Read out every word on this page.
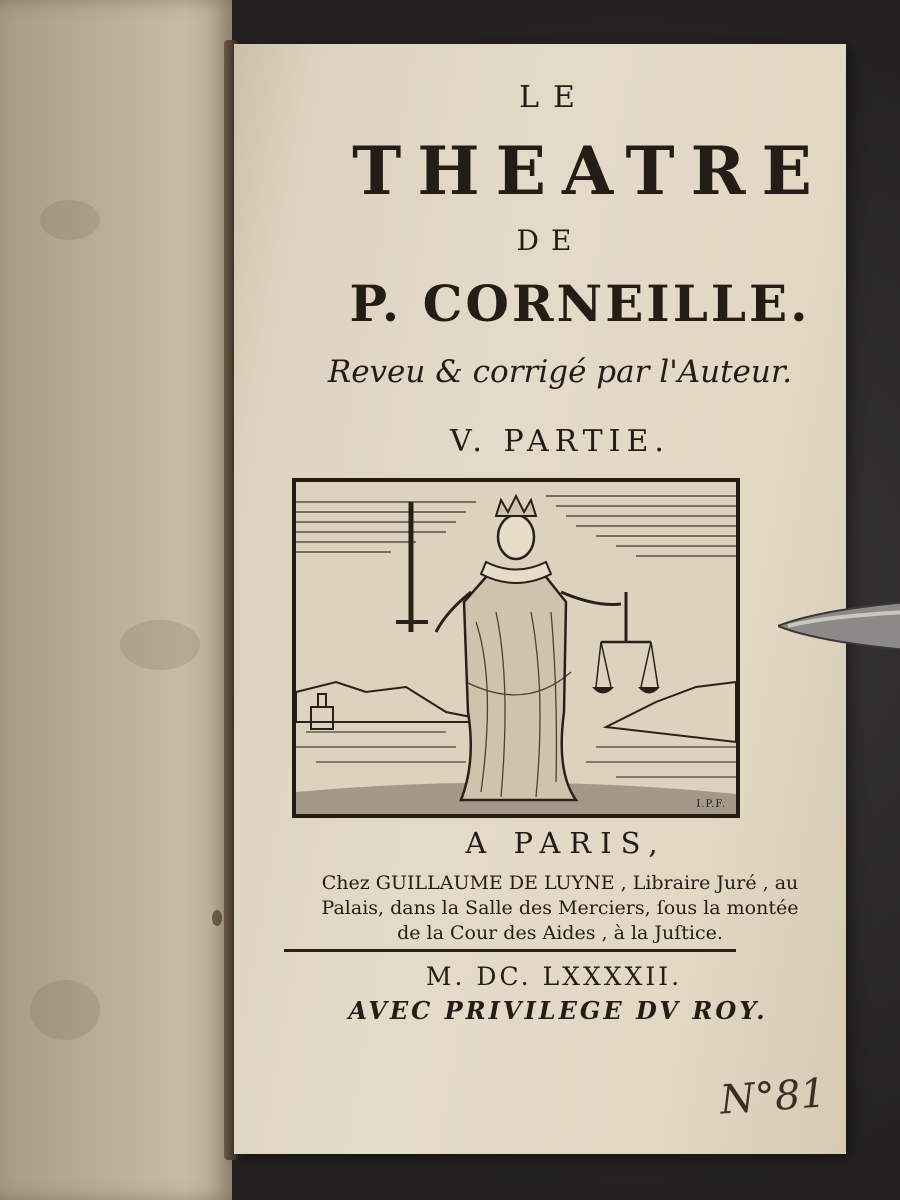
LE
THEATRE
DE
P. CORNEILLE.
Reveu & corrigé par l'Auteur.
V. PARTIE.
I.P.F.
A PARIS,
Chez GUILLAUME DE LUYNE , Libraire Juré , au
Palais, dans la Salle des Merciers, ſous la montée
de la Cour des Aides , à la Juſtice.
M. DC. LXXXXII.
AVEC PRIVILEGE DV ROY.
N°81
